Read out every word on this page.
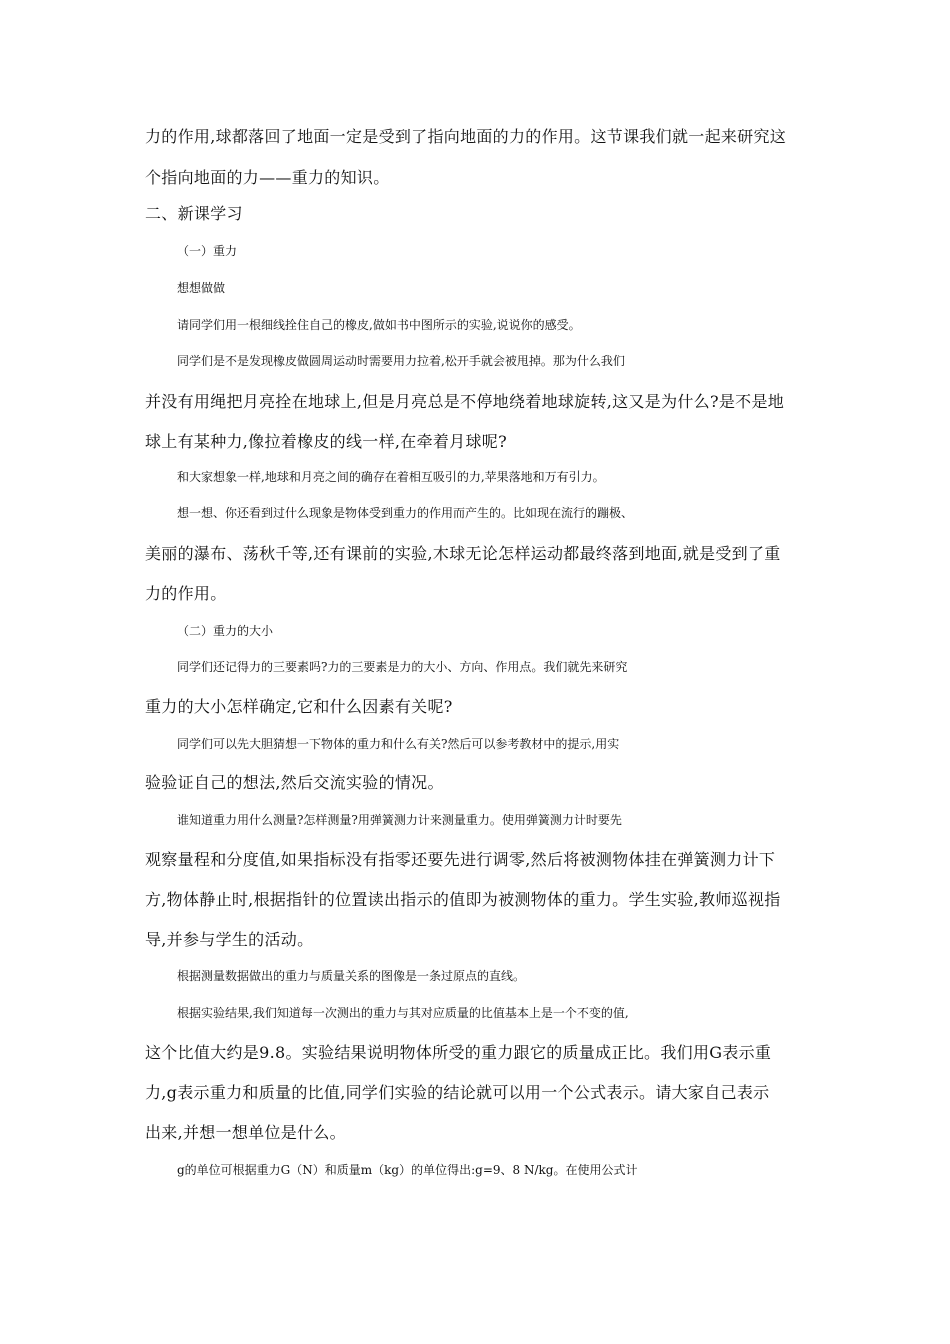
力的作用,球都落回了地面一定是受到了指向地面的力的作用。这节课我们就一起来研究这
个指向地面的力——重力的知识。
二、新课学习
（一）重力
想想做做
请同学们用一根细线拴住自己的橡皮,做如书中图所示的实验,说说你的感受。
同学们是不是发现橡皮做圆周运动时需要用力拉着,松开手就会被甩掉。那为什么我们
并没有用绳把月亮拴在地球上,但是月亮总是不停地绕着地球旋转,这又是为什么?是不是地
球上有某种力,像拉着橡皮的线一样,在牵着月球呢?
和大家想象一样,地球和月亮之间的确存在着相互吸引的力,苹果落地和万有引力。
想一想、你还看到过什么现象是物体受到重力的作用而产生的。比如现在流行的蹦极、
美丽的瀑布、荡秋千等,还有课前的实验,木球无论怎样运动都最终落到地面,就是受到了重
力的作用。
（二）重力的大小
同学们还记得力的三要素吗?力的三要素是力的大小、方向、作用点。我们就先来研究
重力的大小怎样确定,它和什么因素有关呢?
同学们可以先大胆猜想一下物体的重力和什么有关?然后可以参考教材中的提示,用实
验验证自己的想法,然后交流实验的情况。
谁知道重力用什么测量?怎样测量?用弹簧测力计来测量重力。使用弹簧测力计时要先
观察量程和分度值,如果指标没有指零还要先进行调零,然后将被测物体挂在弹簧测力计下
方,物体静止时,根据指针的位置读出指示的值即为被测物体的重力。学生实验,教师巡视指
导,并参与学生的活动。
根据测量数据做出的重力与质量关系的图像是一条过原点的直线。
根据实验结果,我们知道每一次测出的重力与其对应质量的比值基本上是一个不变的值,
这个比值大约是9.8。实验结果说明物体所受的重力跟它的质量成正比。我们用G表示重
力,g表示重力和质量的比值,同学们实验的结论就可以用一个公式表示。请大家自己表示
出来,并想一想单位是什么。
g的单位可根据重力G（N）和质量m（kg）的单位得出:g=9、8 N/kg。在使用公式计
